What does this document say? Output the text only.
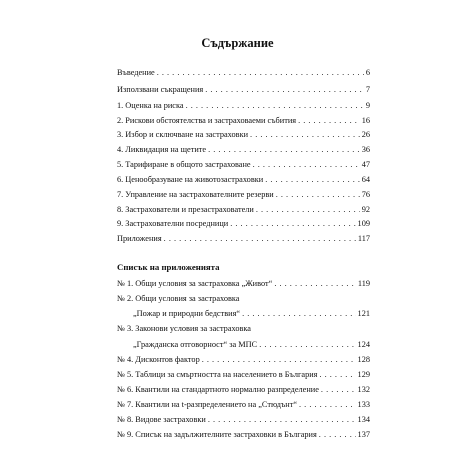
Съдържание
Въведение . . .	6
Използвани съкращения . . .	7
1. Оценка на риска . . .	9
2. Рискови обстоятелства и застраховаеми събития . . .	16
3. Избор и сключване на застраховки . . .	26
4. Ликвидация на щетите . . .	36
5. Тарифиране в общото застраховане . . .	47
6. Ценообразуване на животозастраховки . . .	64
7. Управление на застрахователните резерви . . .	76
8. Застрахователи и презастрахователи . . .	92
9. Застрахователни посредници . . .	109
Приложения . . .	117
Списък на приложенията
№ 1. Общи условия за застраховка „Живот“ . . .	119
№ 2. Общи условия за застраховка
„Пожар и природни бедствия“ . . .	121
№ 3. Законови условия за застраховка
„Гражданска отговорност“ за МПС . . .	124
№ 4. Дисконтов фактор . . .	128
№ 5. Таблици за смъртността на населението в България . . .	129
№ 6. Квантили на стандартното нормално разпределение . . .	132
№ 7. Квантили на t-разпределението на „Стюдънт“ . . .	133
№ 8. Видове застраховки . . .	134
№ 9. Списък на задължителните застраховки в България . . .	137
